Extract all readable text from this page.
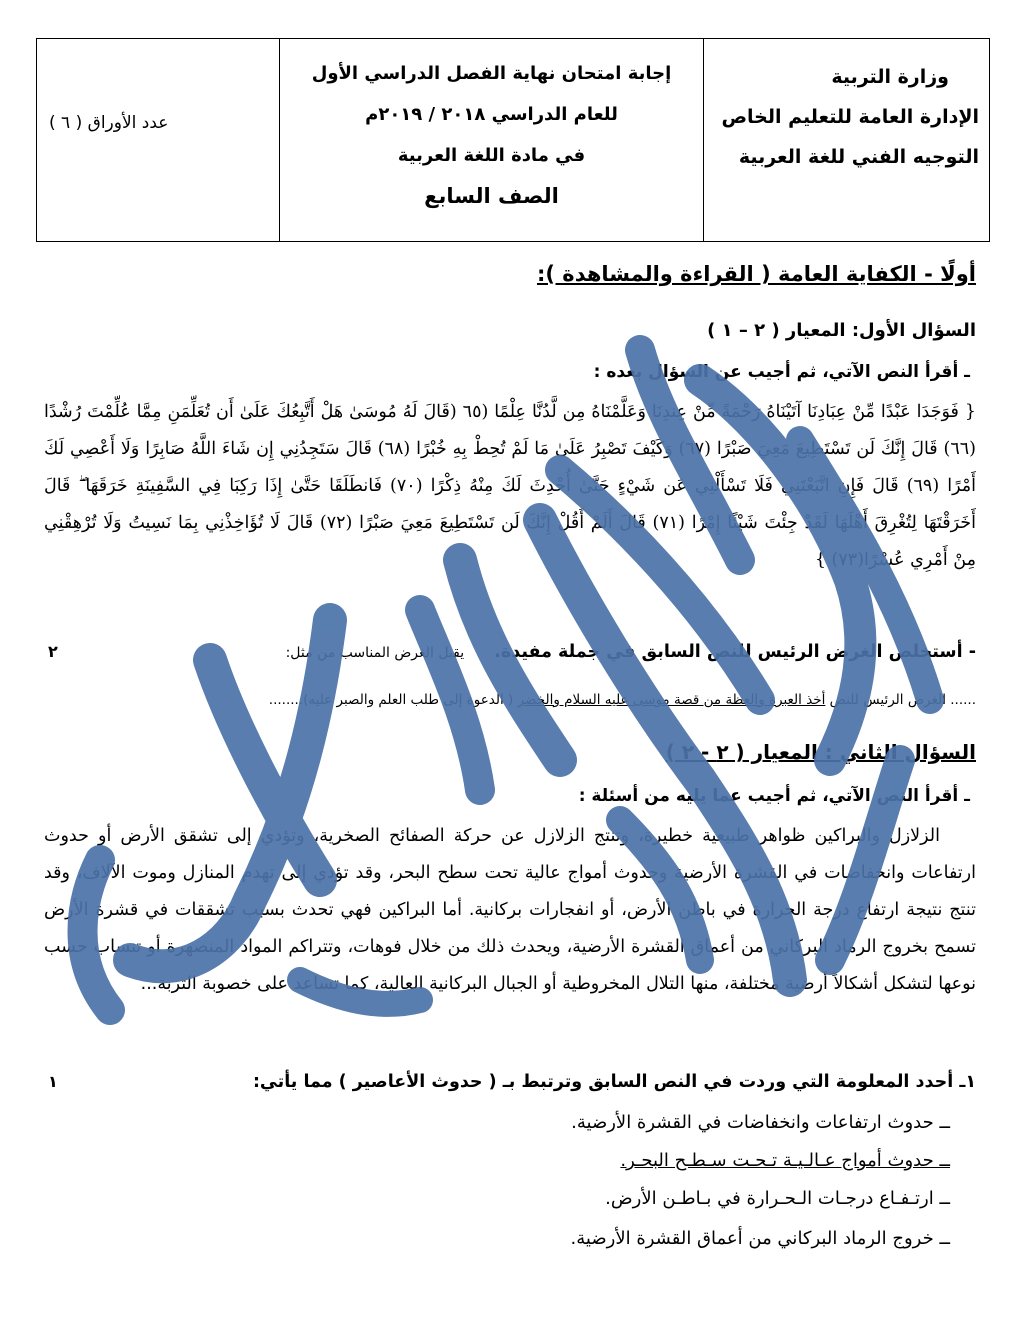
وزارة التربية
الإدارة العامة للتعليم الخاص
التوجيه الفني للغة العربية
إجابة امتحان نهاية الفصل الدراسي الأول
للعام الدراسي ٢٠١٨ / ٢٠١٩م
في مادة اللغة العربية
الصف السابع
عدد الأوراق ( ٦ )
أولًا - الكفاية العامة ( القراءة والمشاهدة ):
السؤال الأول: المعيار ( ٢ – ١ )
ـ أقرأ النص الآتي، ثم أجيب عن السؤال بعده :
{ فَوَجَدَا عَبْدًا مِّنْ عِبَادِنَا آتَيْنَاهُ رَحْمَةً مِّنْ عِندِنَا وَعَلَّمْنَاهُ مِن لَّدُنَّا عِلْمًا (٦٥ (قَالَ لَهُ مُوسَىٰ هَلْ أَتَّبِعُكَ عَلَىٰ أَن تُعَلِّمَنِ مِمَّا عُلِّمْتَ رُشْدًا (٦٦) قَالَ إِنَّكَ لَن تَسْتَطِيعَ مَعِيَ صَبْرًا (٦٧) وَكَيْفَ تَصْبِرُ عَلَىٰ مَا لَمْ تُحِطْ بِهِ خُبْرًا (٦٨) قَالَ سَتَجِدُنِي إِن شَاءَ اللَّهُ صَابِرًا وَلَا أَعْصِي لَكَ أَمْرًا (٦٩) قَالَ فَإِنِ اتَّبَعْتَنِي فَلَا تَسْأَلْنِي عَن شَيْءٍ حَتَّىٰ أُحْدِثَ لَكَ مِنْهُ ذِكْرًا (٧٠) فَانطَلَقَا حَتَّىٰ إِذَا رَكِبَا فِي السَّفِينَةِ خَرَقَهَا ۖ قَالَ أَخَرَقْتَهَا لِتُغْرِقَ أَهْلَهَا لَقَدْ جِئْتَ شَيْئًا إِمْرًا (٧١) قَالَ أَلَمْ أَقُلْ إِنَّكَ لَن تَسْتَطِيعَ مَعِيَ صَبْرًا (٧٢) قَالَ لَا تُؤَاخِذْنِي بِمَا نَسِيتُ وَلَا تُرْهِقْنِي مِنْ أَمْرِي عُسْرًا(٧٣) }
- أستخلص الغرض الرئيس للنص السابق في جملة مفيدة. يقبل الغرض المناسب من مثل:
٢
...... الغرض الرئيس للنص أخذ العبرة والعظة من قصة موسى عليه السلام والخضر ( الدعوة إلى طلب العلم والصبر عليه)........
السؤال الثاني : المعيار ( ٢ - ٢ )
ـ أقرأ النص الآتي، ثم أجيب عما يليه من أسئلة :
الزلازل والبراكين ظواهر طبيعية خطيرة، وتنتج الزلازل عن حركة الصفائح الصخرية، وتؤدي إلى تشقق الأرض أو حدوث ارتفاعات وانخفاضات في القشرة الأرضية وحدوث أمواج عالية تحت سطح البحر، وقد تؤدي إلى تهدم المنازل وموت الآلاف، وقد تنتج نتيجة ارتفاع درجة الحرارة في باطن الأرض، أو انفجارات بركانية. أما البراكين فهي تحدث بسبب تشققات في قشرة الأرض تسمح بخروج الرماد البركاني من أعماق القشرة الأرضية، ويحدث ذلك من خلال فوهات، وتتراكم المواد المنصهرة أو تنساب حسب نوعها لتشكل أشكالاً أرضية مختلفة، منها التلال المخروطية أو الجبال البركانية العالية، كما تساعد على خصوبة التربة...
١ـ أحدد المعلومة التي وردت في النص السابق وترتبط بـ ( حدوث الأعاصير ) مما يأتي:
١
ــ حدوث ارتفاعات وانخفاضات في القشرة الأرضية.
ــ حدوث أمواج عـالـيـة تـحـت سـطـح البحـر.
ــ ارتـفـاع درجـات الـحـرارة في بـاطـن الأرض.
ــ خروج الرماد البركاني من أعماق القشرة الأرضية.
